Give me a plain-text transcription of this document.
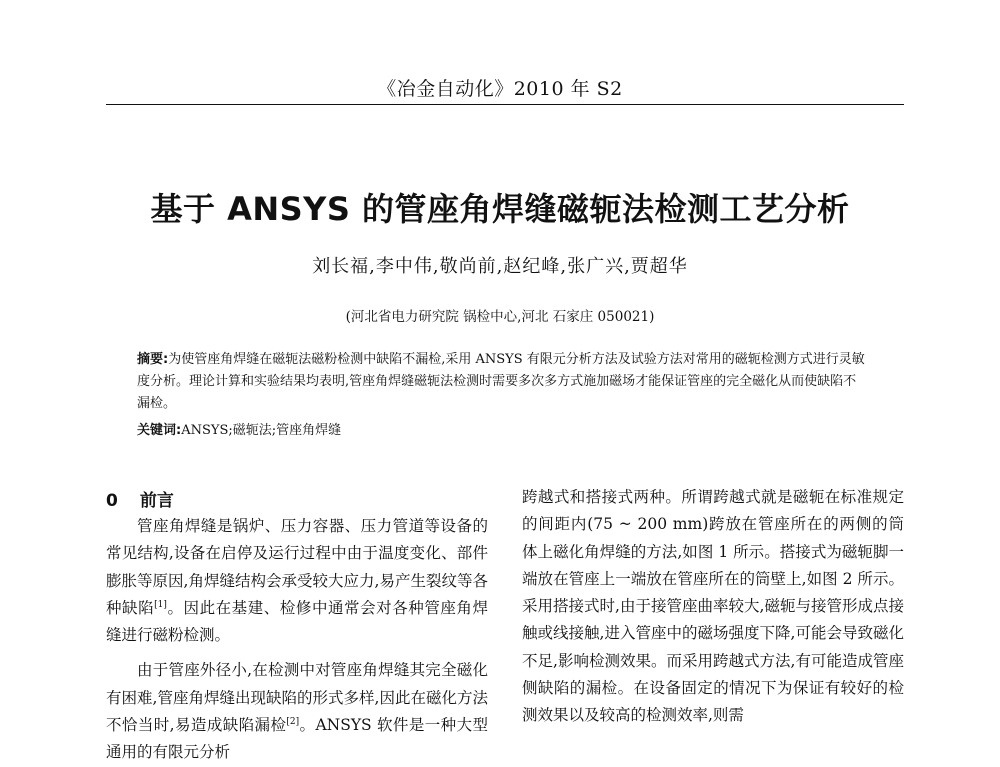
《冶金自动化》2010 年 S2
基于 ANSYS 的管座角焊缝磁轭法检测工艺分析
刘长福,李中伟,敬尚前,赵纪峰,张广兴,贾超华
(河北省电力研究院 锅检中心,河北 石家庄 050021)
摘要:为使管座角焊缝在磁轭法磁粉检测中缺陷不漏检,采用 ANSYS 有限元分析方法及试验方法对常用的磁轭检测方式进行灵敏度分析。理论计算和实验结果均表明,管座角焊缝磁轭法检测时需要多次多方式施加磁场才能保证管座的完全磁化从而使缺陷不漏检。
关键词:ANSYS;磁轭法;管座角焊缝
0 前言

管座角焊缝是锅炉、压力容器、压力管道等设备的常见结构,设备在启停及运行过程中由于温度变化、部件膨胀等原因,角焊缝结构会承受较大应力,易产生裂纹等各种缺陷[1]。因此在基建、检修中通常会对各种管座角焊缝进行磁粉检测。

由于管座外径小,在检测中对管座角焊缝其完全磁化有困难,管座角焊缝出现缺陷的形式多样,因此在磁化方法不恰当时,易造成缺陷漏检[2]。ANSYS 软件是一种大型通用的有限元分析

跨越式和搭接式两种。所谓跨越式就是磁轭在标准规定的间距内(75 ~ 200 mm)跨放在管座所在的两侧的筒体上磁化角焊缝的方法,如图 1 所示。搭接式为磁轭脚一端放在管座上一端放在管座所在的筒壁上,如图 2 所示。采用搭接式时,由于接管座曲率较大,磁轭与接管形成点接触或线接触,进入管座中的磁场强度下降,可能会导致磁化不足,影响检测效果。而采用跨越式方法,有可能造成管座侧缺陷的漏检。在设备固定的情况下为保证有较好的检测效果以及较高的检测效率,则需
